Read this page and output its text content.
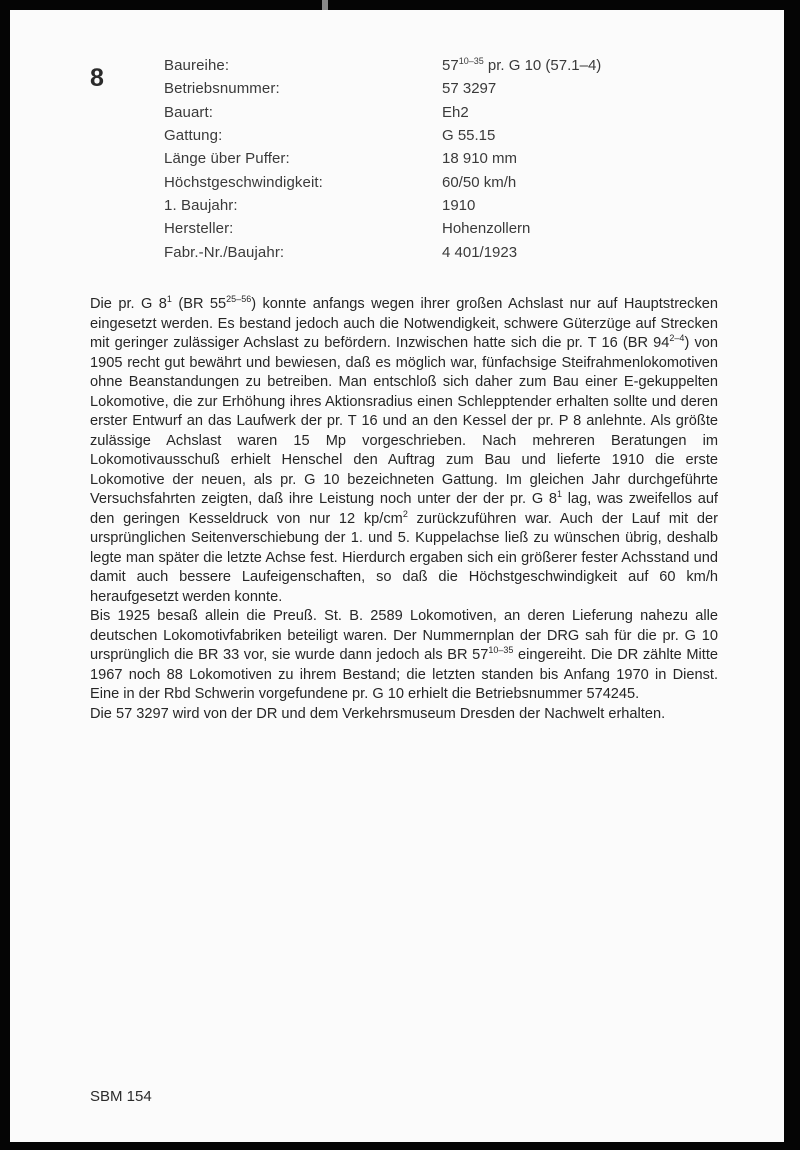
8	Baureihe:	57$^{10-35}$ pr. G 10 (57.1–4)
Betriebsnummer:	57 3297
Bauart:	Eh2
Gattung:	G 55.15
Länge über Puffer:	18 910 mm
Höchstgeschwindigkeit:	60/50 km/h
1. Baujahr:	1910
Hersteller:	Hohenzollern
Fabr.-Nr./Baujahr:	4 401/1923

Die pr. G $8^1$ (BR 55$^{25-56}$) konnte anfangs wegen ihrer großen Achslast nur auf Hauptstrecken eingesetzt werden. Es bestand jedoch auch die Notwendigkeit, schwere Güterzüge auf Strecken mit geringer zulässiger Achslast zu befördern. Inzwischen hatte sich die pr. T 16 (BR 94$^{2-4}$) von 1905 recht gut bewährt und bewiesen, daß es möglich war, fünfachsige Steifrahmenlokomotiven ohne Beanstandungen zu betreiben. Man entschloß sich daher zum Bau einer E-gekuppelten Lokomotive, die zur Erhöhung ihres Aktionsradius einen Schlepptender erhalten sollte und deren erster Entwurf an das Laufwerk der pr. T 16 und an den Kessel der pr. P 8 anlehnte. Als größte zulässige Achslast waren 15 Mp vorgeschrieben. Nach mehreren Beratungen im Lokomotivausschuß erhielt Henschel den Auftrag zum Bau und lieferte 1910 die erste Lokomotive der neuen, als pr. G 10 bezeichneten Gattung. Im gleichen Jahr durchgeführte Versuchsfahrten zeigten, daß ihre Leistung noch unter der der pr. G $8^1$ lag, was zweifellos auf den geringen Kesseldruck von nur 12 $kp/cm^2$ zurückzuführen war. Auch der Lauf mit der ursprünglichen Seitenverschiebung der 1. und 5. Kuppelachse ließ zu wünschen übrig, deshalb legte man später die letzte Achse fest. Hierdurch ergaben sich ein größerer fester Achsstand und damit auch bessere Laufeigenschaften, so daß die Höchstgeschwindigkeit auf 60 km/h heraufgesetzt werden konnte.

Bis 1925 besaß allein die Preuß. St. B. 2589 Lokomotiven, an deren Lieferung nahezu alle deutschen Lokomotivfabriken beteiligt waren. Der Nummernplan der DRG sah für die pr. G 10 ursprünglich die BR 33 vor, sie wurde dann jedoch als BR 57$^{10-35}$ eingereiht. Die DR zählte Mitte 1967 noch 88 Lokomotiven zu ihrem Bestand; die letzten standen bis Anfang 1970 in Dienst. Eine in der Rbd Schwerin vorgefundene pr. G 10 erhielt die Betriebsnummer 574245.

Die 57 3297 wird von der DR und dem Verkehrsmuseum Dresden der Nachwelt erhalten.

SBM 154
